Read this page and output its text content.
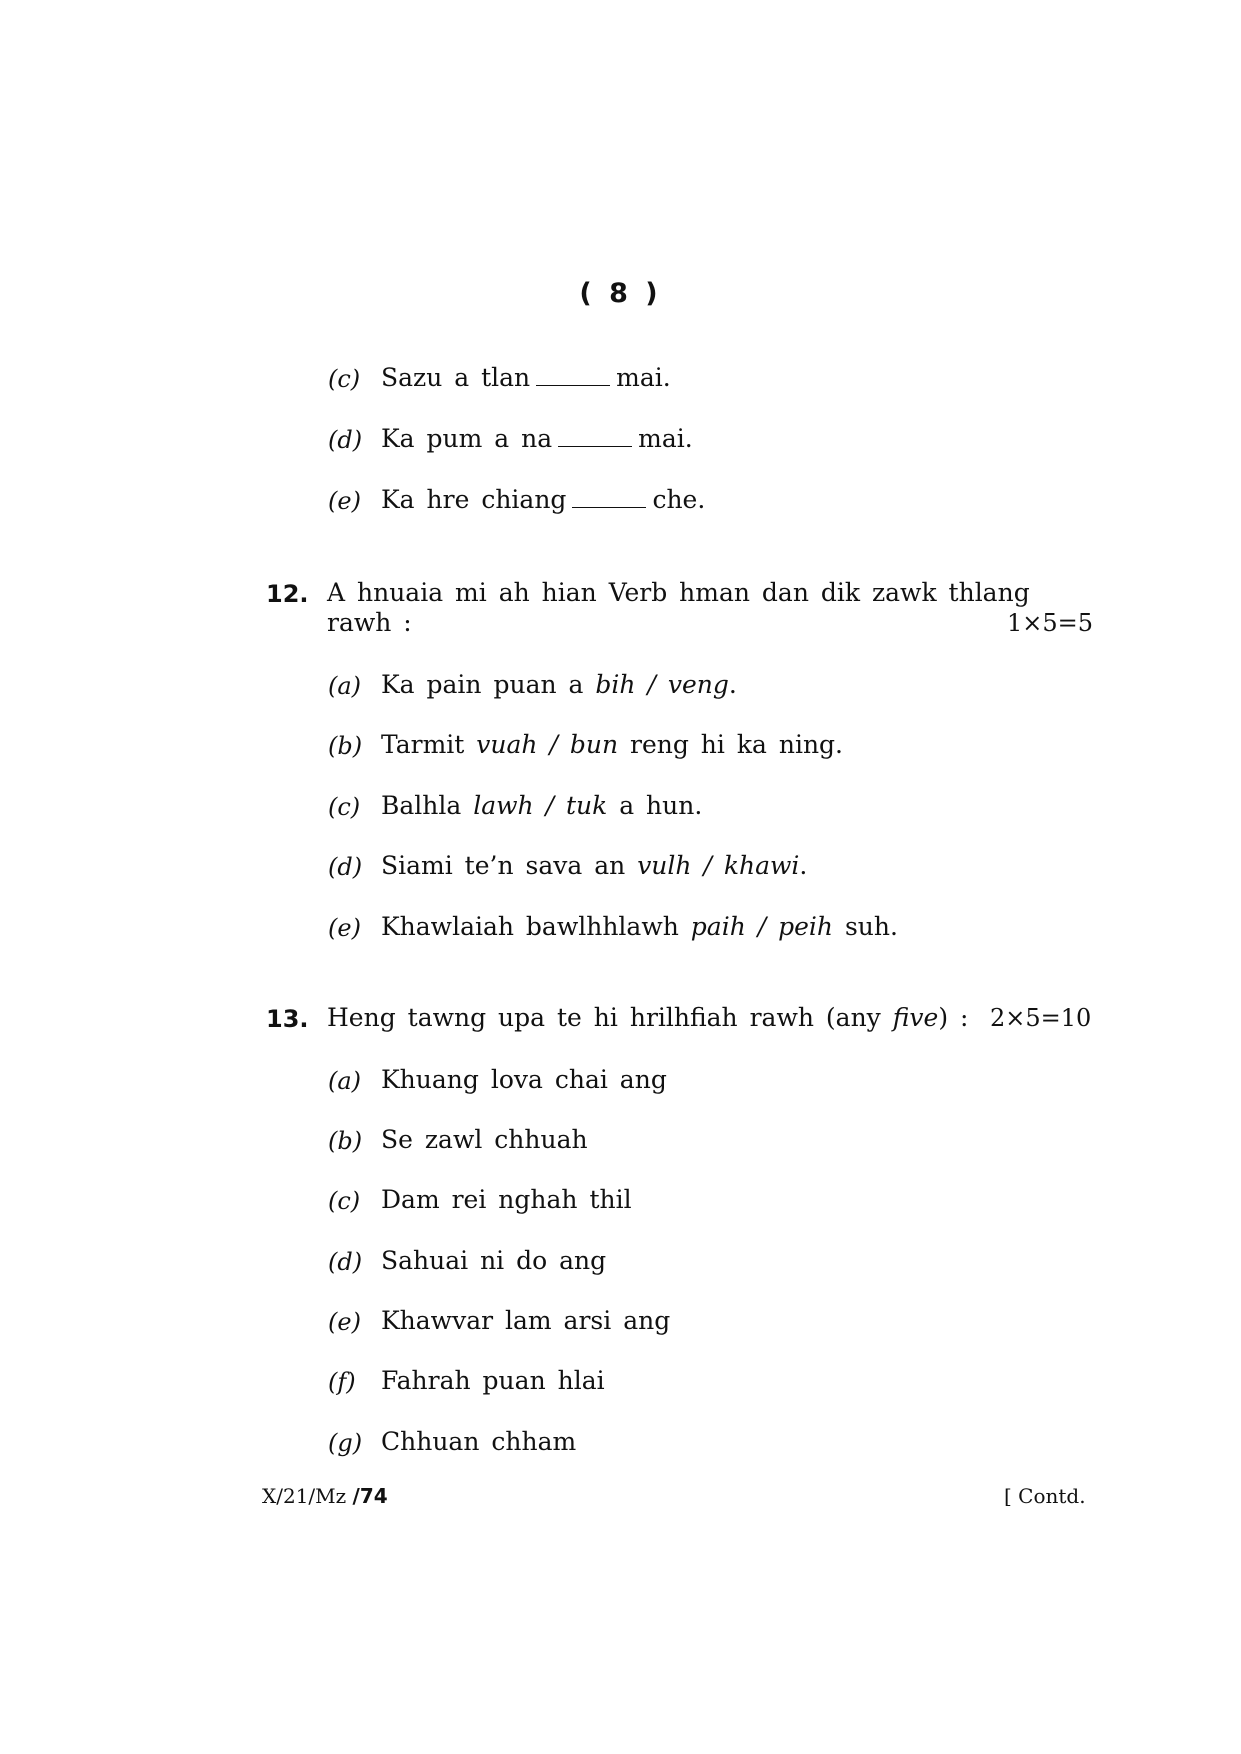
( 8 )
(c) Sazu a tlan	mai.
(d) Ka pum a na	mai.
(e) Ka hre chiang	che.
12. A hnuaia mi ah hian Verb hman dan dik zawk thlang
rawh :	1×5=5
(a) Ka pain puan a bih / veng.
(b) Tarmit vuah / bun reng hi ka ning.
(c) Balhla lawh / tuk a hun.
(d) Siami te’n sava an vulh / khawi.
(e) Khawlaiah bawlhhlawh paih / peih suh.
13. Heng tawng upa te hi hrilhfiah rawh (any five) : 2×5=10
(a) Khuang lova chai ang
(b) Se zawl chhuah
(c) Dam rei nghah thil
(d) Sahuai ni do ang
(e) Khawvar lam arsi ang
(f) Fahrah puan hlai
(g) Chhuan chham
X/21/Mz /74	[ Contd.
